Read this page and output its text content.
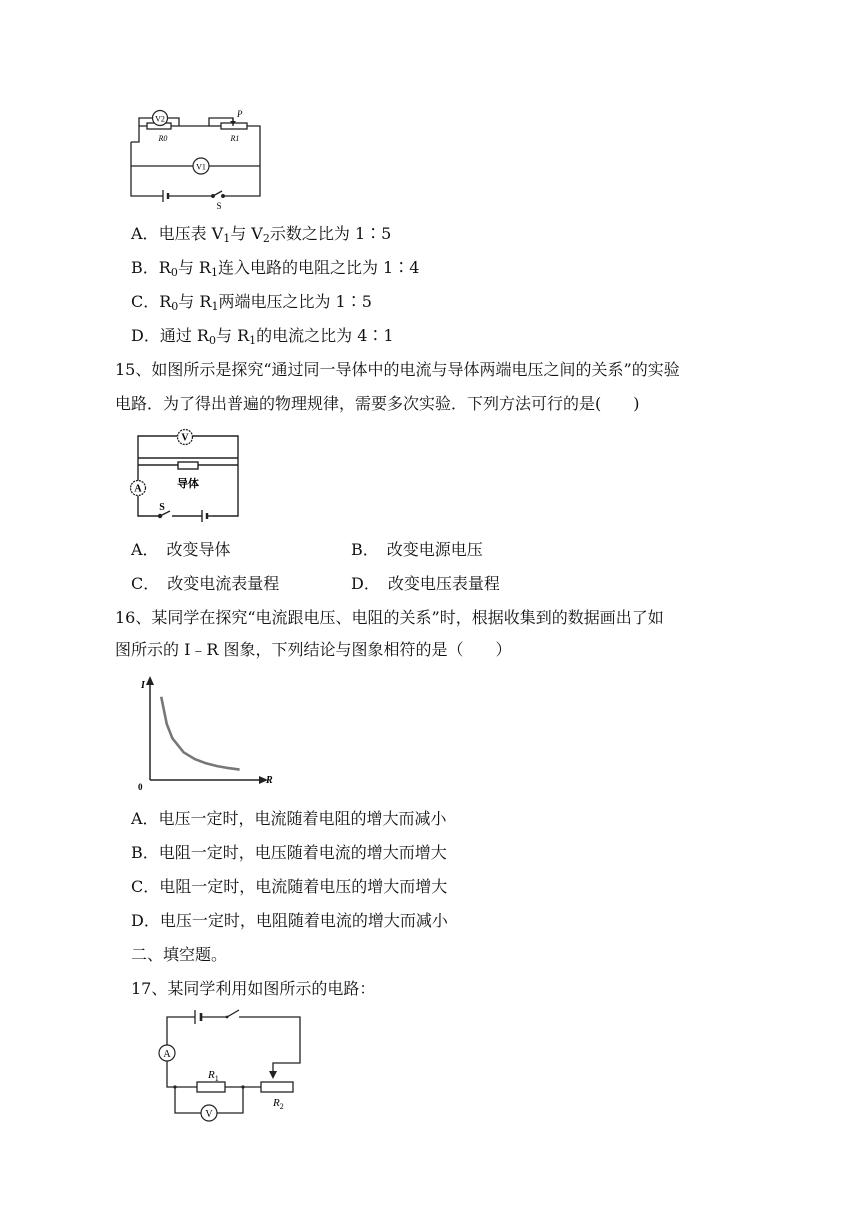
V2
V1
R0
P
R1
S
A．电压表 $V_1$与 $V_2$示数之比为 1∶5
B．$R_0$与 $R_1$连入电路的电阻之比为 1∶4
C．$R_0$与 $R_1$两端电压之比为 1∶5
D．通过 $R_0$与 $R_1$的电流之比为 4∶1
15、如图所示是探究“通过同一导体中的电流与导体两端电压之间的关系”的实验
电路．为了得出普遍的物理规律，需要多次实验．下列方法可行的是(　　)
V
A	导体
S
A．　改变导体	B．　改变电源电压
C．　改变电流表量程	D．　改变电压表量程
16、某同学在探究“电流跟电压、电阻的关系”时，根据收集到的数据画出了如
图所示的 I﹣R 图象，下列结论与图象相符的是（　　）
I
R
0
A．电压一定时，电流随着电阻的增大而减小
B．电阻一定时，电压随着电流的增大而增大
C．电阻一定时，电流随着电压的增大而增大
D．电压一定时，电阻随着电流的增大而减小
二、填空题。
17、某同学利用如图所示的电路：
A
V
$R_1$
$R_2$
